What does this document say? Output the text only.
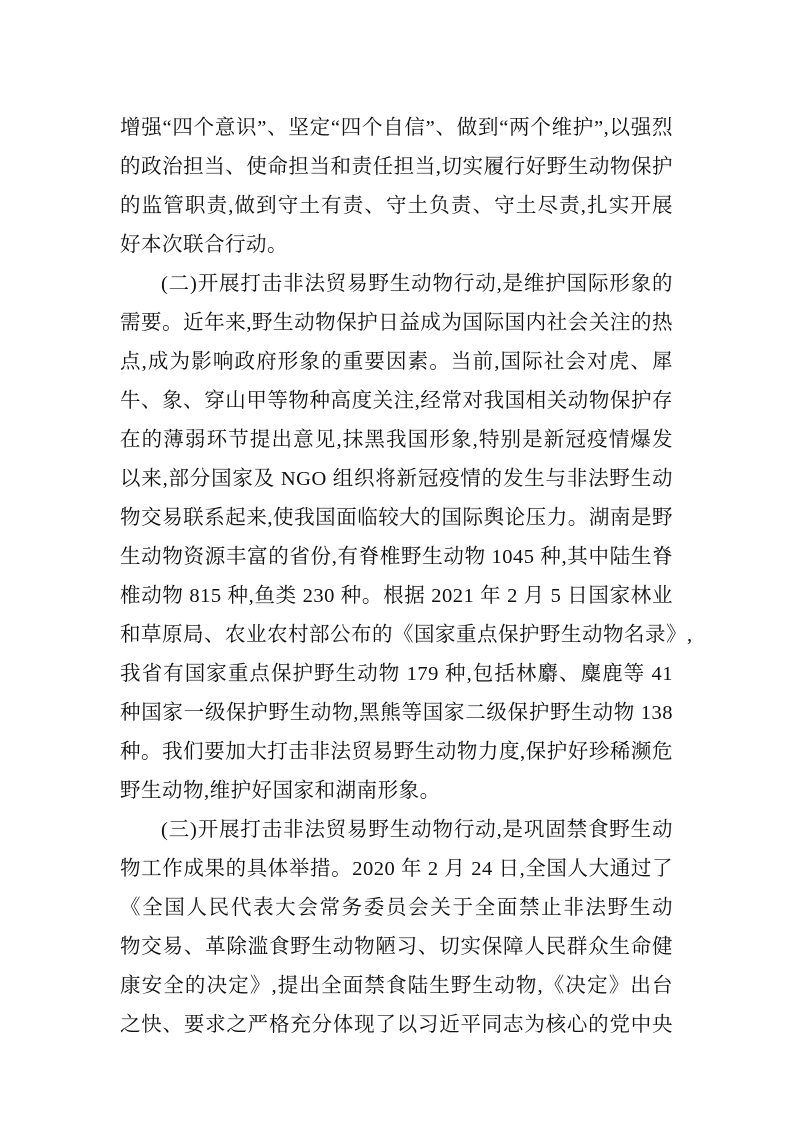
增强“四个意识”、坚定“四个自信”、做到“两个维护”,以强烈
的政治担当、使命担当和责任担当,切实履行好野生动物保护
的监管职责,做到守土有责、守土负责、守土尽责,扎实开展
好本次联合行动。
(二)开展打击非法贸易野生动物行动,是维护国际形象的
需要。近年来,野生动物保护日益成为国际国内社会关注的热
点,成为影响政府形象的重要因素。当前,国际社会对虎、犀
牛、象、穿山甲等物种高度关注,经常对我国相关动物保护存
在的薄弱环节提出意见,抹黑我国形象,特别是新冠疫情爆发
以来,部分国家及 NGO 组织将新冠疫情的发生与非法野生动
物交易联系起来,使我国面临较大的国际舆论压力。湖南是野
生动物资源丰富的省份,有脊椎野生动物 1045 种,其中陆生脊
椎动物 815 种,鱼类 230 种。根据 2021 年 2 月 5 日国家林业
和草原局、农业农村部公布的《国家重点保护野生动物名录》,
我省有国家重点保护野生动物 179 种,包括林麝、麋鹿等 41
种国家一级保护野生动物,黑熊等国家二级保护野生动物 138
种。我们要加大打击非法贸易野生动物力度,保护好珍稀濒危
野生动物,维护好国家和湖南形象。
(三)开展打击非法贸易野生动物行动,是巩固禁食野生动
物工作成果的具体举措。2020 年 2 月 24 日,全国人大通过了
《全国人民代表大会常务委员会关于全面禁止非法野生动
物交易、革除滥食野生动物陋习、切实保障人民群众生命健
康安全的决定》,提出全面禁食陆生野生动物,《决定》出台
之快、要求之严格充分体现了以习近平同志为核心的党中央
